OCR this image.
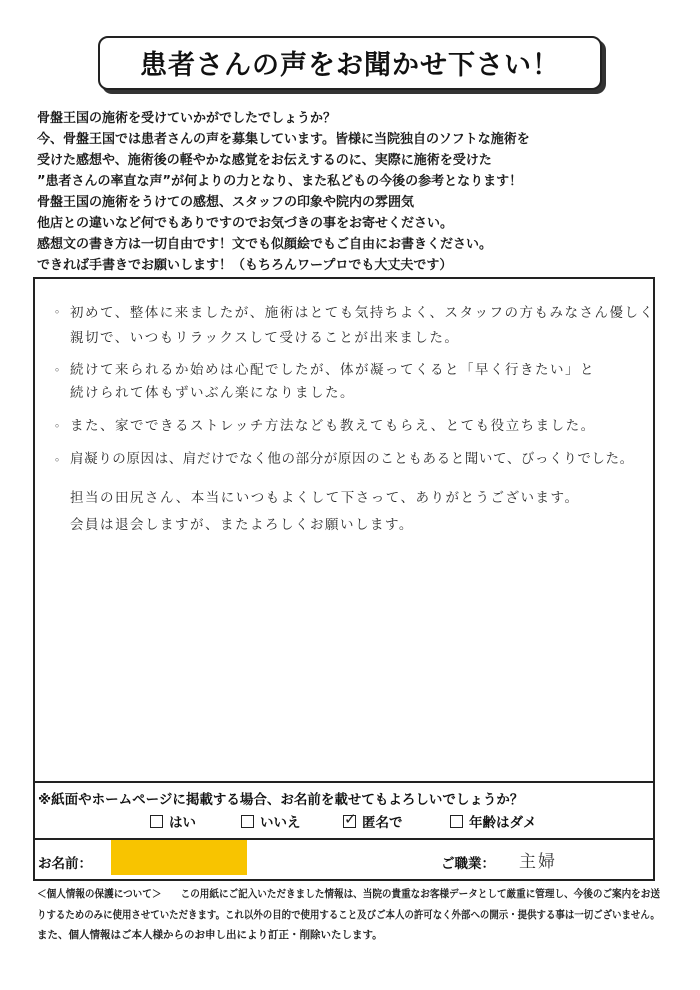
患者さんの声をお聞かせ下さい！
骨盤王国の施術を受けていかがでしたでしょうか？
今、骨盤王国では患者さんの声を募集しています。皆様に当院独自のソフトな施術を
受けた感想や、施術後の軽やかな感覚をお伝えするのに、実際に施術を受けた
”患者さんの率直な声”が何よりの力となり、また私どもの今後の参考となります！
骨盤王国の施術をうけての感想、スタッフの印象や院内の雰囲気
他店との違いなど何でもありですのでお気づきの事をお寄せください。
感想文の書き方は一切自由です！文でも似顔絵でもご自由にお書きください。
できれば手書きでお願いします！（もちろんワープロでも大丈夫です）
。 初めて、整体に来ましたが、施術はとても気持ちよく、スタッフの方もみなさん優しく
親切で、いつもリラックスして受けることが出来ました。
。 続けて来られるか始めは心配でしたが、体が凝ってくると「早く行きたい」と
続けられて体もずいぶん楽になりました。
。 また、家でできるストレッチ方法なども教えてもらえ、とても役立ちました。
。 肩凝りの原因は、肩だけでなく他の部分が原因のこともあると聞いて、びっくりでした。
担当の田尻さん、本当にいつもよくして下さって、ありがとうございます。
会員は退会しますが、またよろしくお願いします。
※紙面やホームページに掲載する場合、お名前を載せてもよろしいでしょうか？
はい	いいえ	✓ 匿名で	年齢はダメ
お名前：	ご職業： 主婦
＜個人情報の保護について＞　　この用紙にご記入いただきました情報は、当院の貴重なお客様データとして厳重に管理し、今後のご案内をお送
りするためのみに使用させていただきます。これ以外の目的で使用すること及びご本人の許可なく外部への開示・提供する事は一切ございません。
また、個人情報はご本人様からのお申し出により訂正・削除いたします。
